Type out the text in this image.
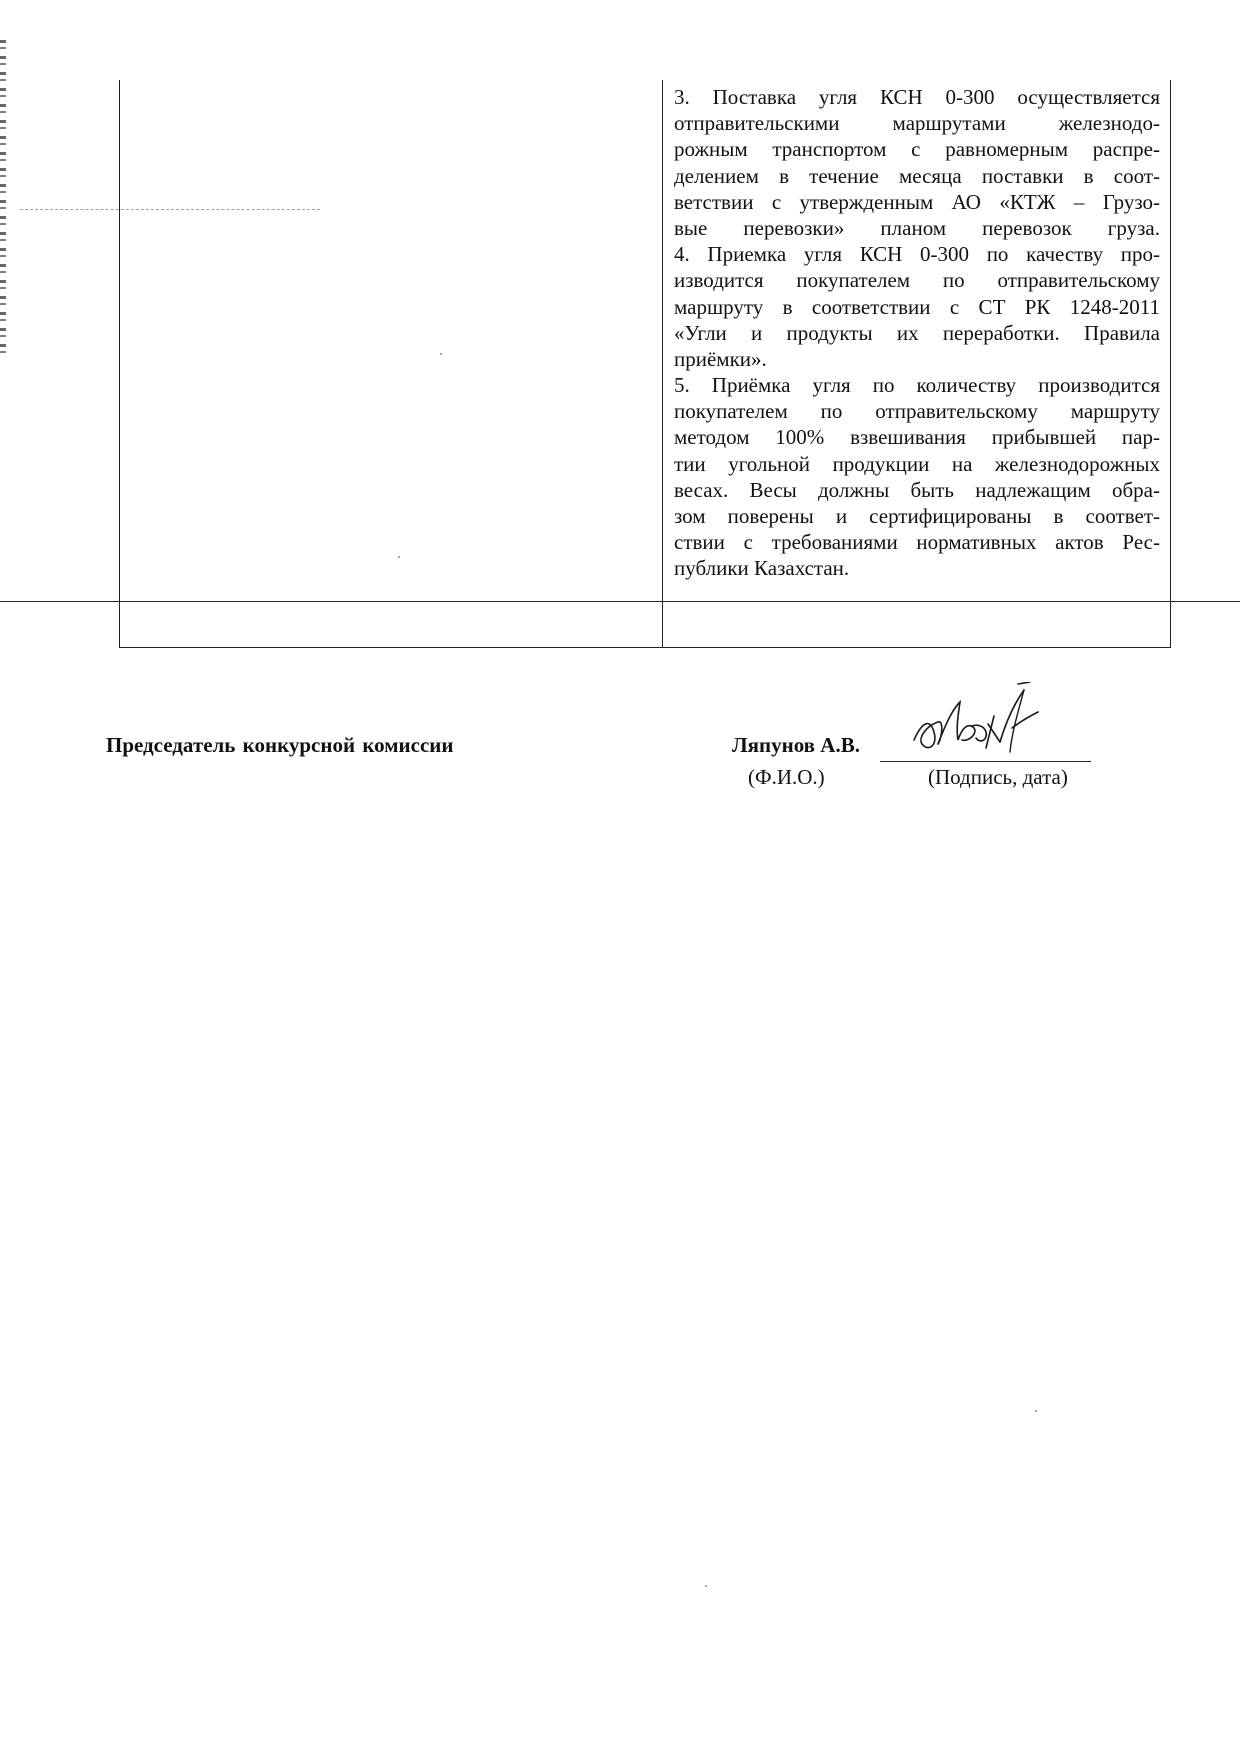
3. Поставка угля КСН 0-300 осуществляется
отправительскими маршрутами железнодо-
рожным транспортом с равномерным распре-
делением в течение месяца поставки в соот-
ветствии с утвержденным АО «КТЖ – Грузо-
вые перевозки» планом перевозок груза.
4. Приемка угля КСН 0-300 по качеству про-
изводится покупателем по отправительскому
маршруту в соответствии с СТ РК 1248-2011
«Угли и продукты их переработки. Правила
приёмки».
5. Приёмка угля по количеству производится
покупателем по отправительскому маршруту
методом 100% взвешивания прибывшей пар-
тии угольной продукции на железнодорожных
весах. Весы должны быть надлежащим обра-
зом поверены и сертифицированы в соответ-
ствии с требованиями нормативных актов Рес-
публики Казахстан.
Председатель конкурсной комиссии	Ляпунов А.В.
(Ф.И.О.)	(Подпись, дата)
